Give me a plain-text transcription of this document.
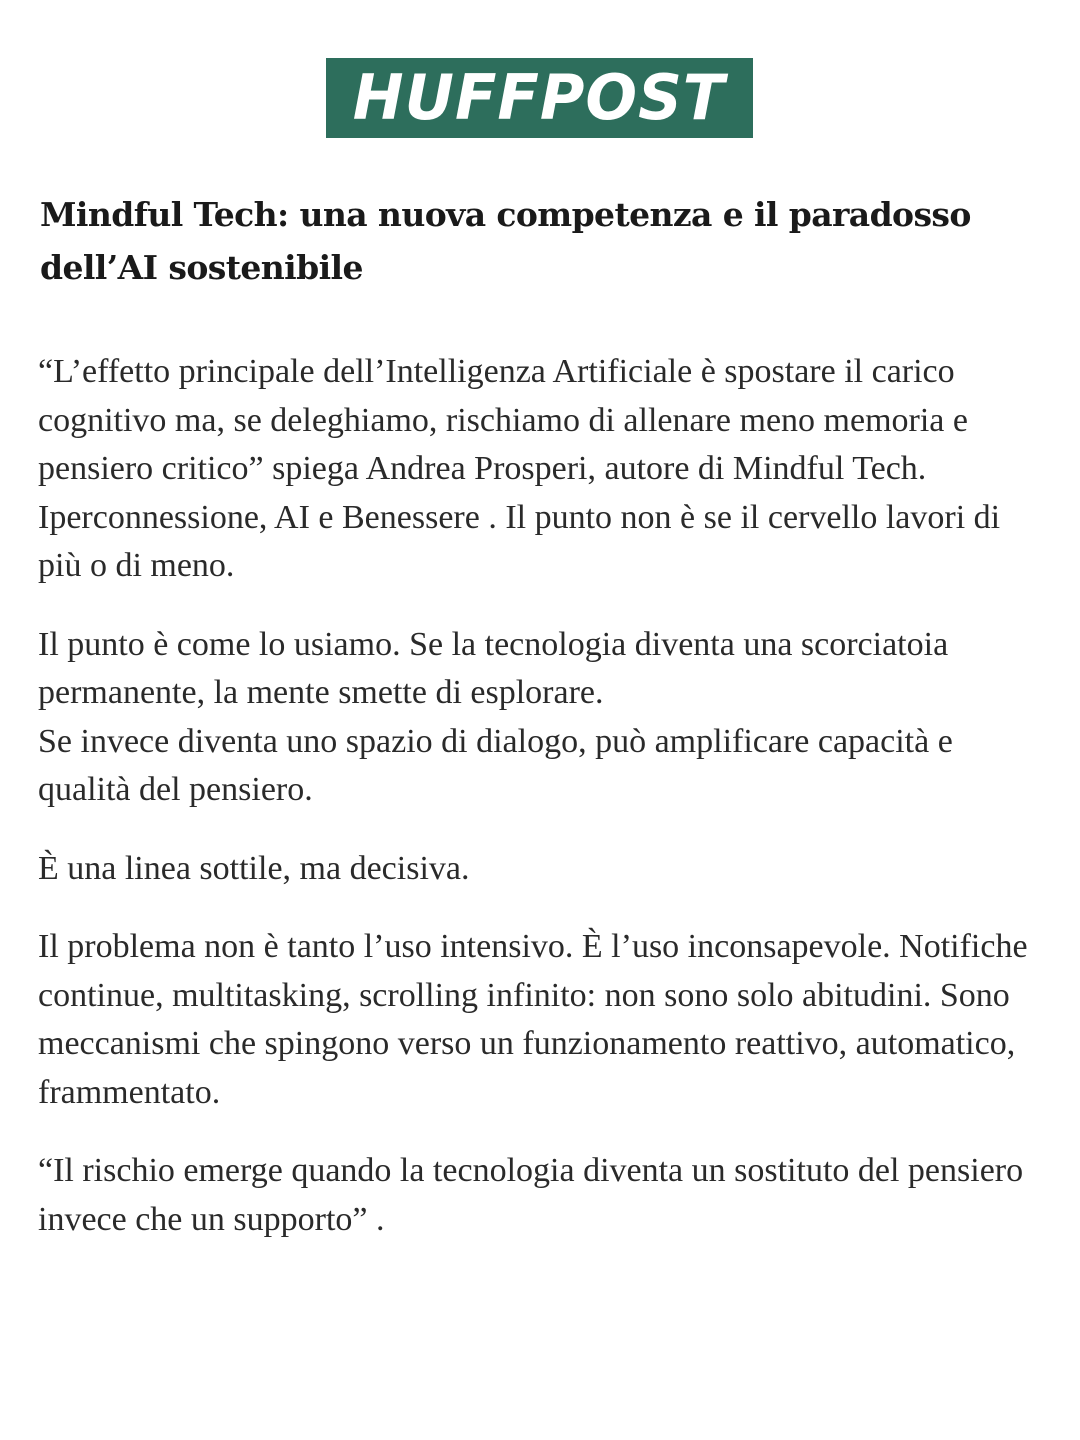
HUFFPOST
Mindful Tech: una nuova competenza e il paradosso dell’AI sostenibile

“L’effetto principale dell’Intelligenza Artificiale è spostare il carico cognitivo ma, se deleghiamo, rischiamo di allenare meno memoria e pensiero critico” spiega Andrea Prosperi, autore di Mindful Tech. Iperconnessione, AI e Benessere . Il punto non è se il cervello lavori di più o di meno.

Il punto è come lo usiamo. Se la tecnologia diventa una scorciatoia permanente, la mente smette di esplorare.
Se invece diventa uno spazio di dialogo, può amplificare capacità e qualità del pensiero.

È una linea sottile, ma decisiva.

Il problema non è tanto l’uso intensivo. È l’uso inconsapevole. Notifiche continue, multitasking, scrolling infinito: non sono solo abitudini. Sono meccanismi che spingono verso un funzionamento reattivo, automatico, frammentato.

“Il rischio emerge quando la tecnologia diventa un sostituto del pensiero invece che un supporto” .
